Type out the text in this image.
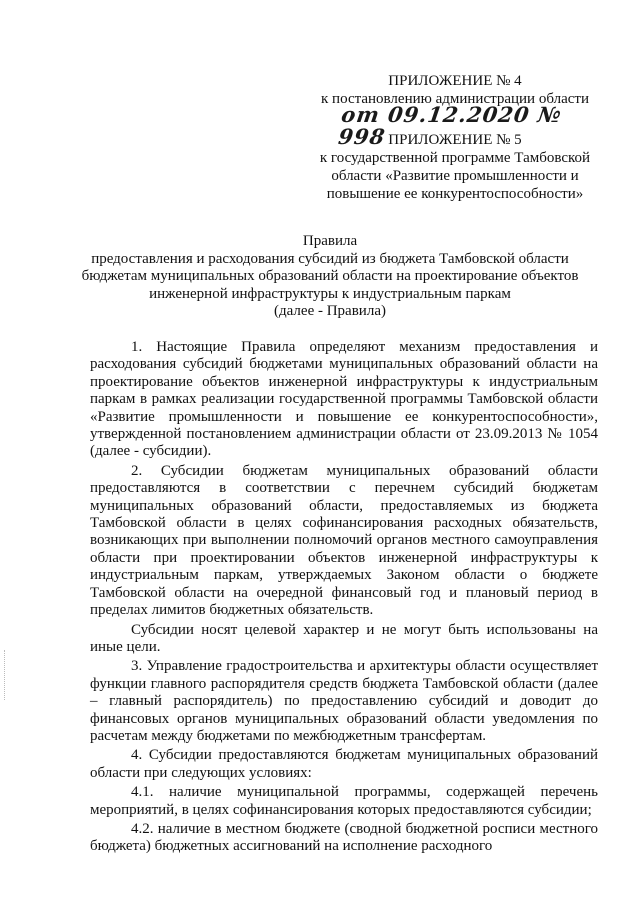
ПРИЛОЖЕНИЕ № 4
к постановлению администрации области
ПРИЛОЖЕНИЕ № 5
к государственной программе Тамбовской
области «Развитие промышленности и
повышение ее конкурентоспособности»
от 09.12.2020 № 998
Правила
предоставления и расходования субсидий из бюджета Тамбовской области
бюджетам муниципальных образований области на проектирование объектов
инженерной инфраструктуры к индустриальным паркам
(далее - Правила)

1. Настоящие Правила определяют механизм предоставления и расходования субсидий бюджетами муниципальных образований области на проектирование объектов инженерной инфраструктуры к индустриальным паркам в рамках реализации государственной программы Тамбовской области «Развитие промышленности и повышение ее конкурентоспособности», утвержденной постановлением администрации области от 23.09.2013 № 1054 (далее - субсидии).

2. Субсидии бюджетам муниципальных образований области предоставляются в соответствии с перечнем субсидий бюджетам муниципальных образований области, предоставляемых из бюджета Тамбовской области в целях софинансирования расходных обязательств, возникающих при выполнении полномочий органов местного самоуправления области при проектировании объектов инженерной инфраструктуры к индустриальным паркам, утверждаемых Законом области о бюджете Тамбовской области на очередной финансовый год и плановый период в пределах лимитов бюджетных обязательств.

Субсидии носят целевой характер и не могут быть использованы на иные цели.

3. Управление градостроительства и архитектуры области осуществляет функции главного распорядителя средств бюджета Тамбовской области (далее – главный распорядитель) по предоставлению субсидий и доводит до финансовых органов муниципальных образований области уведомления по расчетам между бюджетами по межбюджетным трансфертам.

4. Субсидии предоставляются бюджетам муниципальных образований области при следующих условиях:

4.1. наличие муниципальной программы, содержащей перечень мероприятий, в целях софинансирования которых предоставляются субсидии;

4.2. наличие в местном бюджете (сводной бюджетной росписи местного бюджета) бюджетных ассигнований на исполнение расходного
